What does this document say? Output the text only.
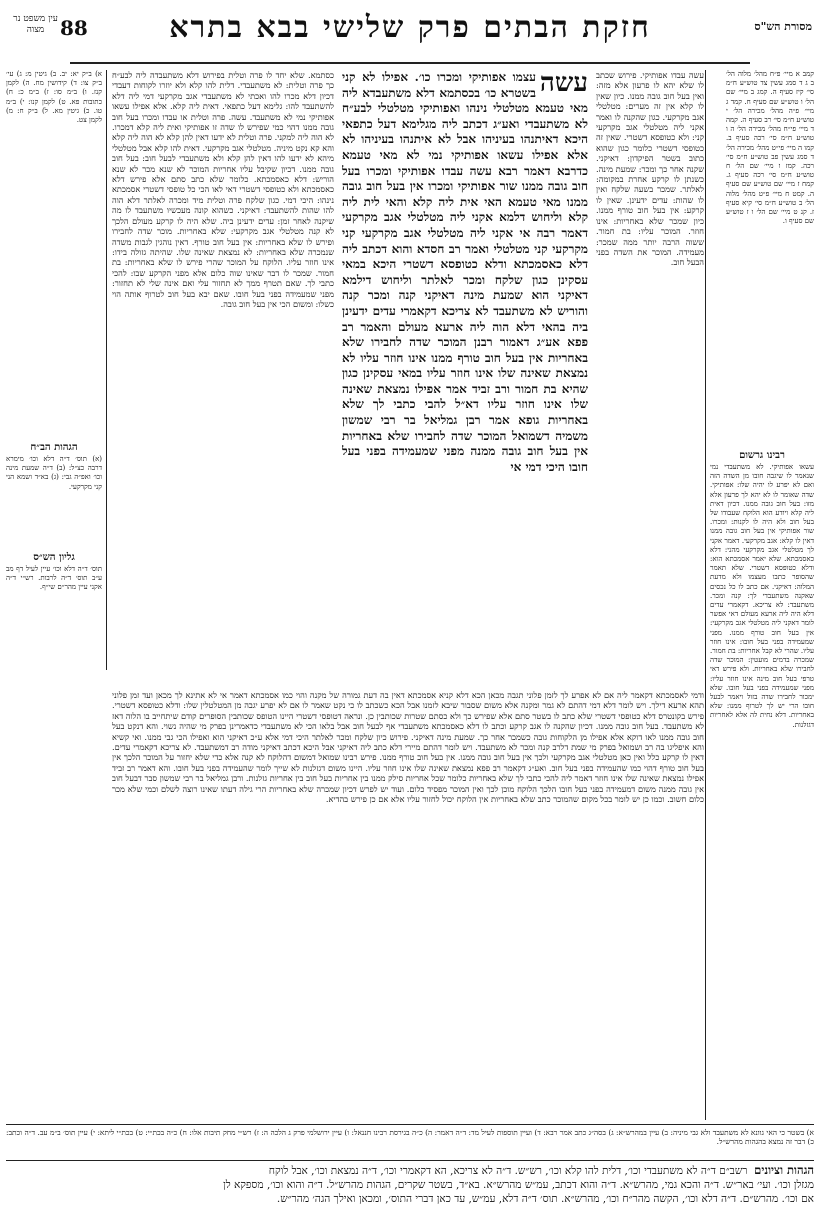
מסורת הש"ס
חזקת הבתים פרק שלישי בבא בתרא
88
עין משפט נר מצוה

קמב א מיי׳ פ״ח מהל׳ מלוה הל׳ ב ג ד סמג עשין צד טוש״ע ח״מ סי׳ קיז סעיף ה. קמג ב מיי׳ שם הל׳ ו טוש״ע שם סעיף ח. קמד ג מיי׳ פ״ה מהל׳ מכירה הל׳ י טוש״ע ח״מ סי׳ רב סעיף ה. קמה ד מיי׳ פי״ח מהל׳ מכירה הל׳ ה ו טוש״ע ח״מ סי׳ רכה סעיף ב. קמו ה מיי׳ פי״ט מהל׳ מכירה הל׳ ד סמג עשין פב טוש״ע ח״מ סי׳ רכה. קמז ו מיי׳ שם הל׳ ח טוש״ע ח״מ סי׳ רכה סעיף ג. קמח ז מיי׳ שם טוש״ע שם סעיף ה. קמט ח מיי׳ פ״ט מהל׳ מלוה הל׳ ב טוש״ע ח״מ סי׳ קיא סעיף ז. קנ ט מיי׳ שם הל׳ ו ז טוש״ע שם סעיף ו.

רבינו גרשום

עשאו אפותיקי. לא משתעבדי נמי שנאמר לו שיגבה חובו מן השדה הזה ואם לא יפרע לו יהיה שלו: אפותיקי. שדה שאומר לו לא יהא לך פרעון אלא מזו: בעל חוב גובה ממנו. דכיון דאית ליה קלא ויודע הוא הלוקח שעבודו של בעל חוב ולא היה לו לקנות: ומכרו. שור אפותיקי אין בעל חוב גובה ממנו דאין לו קלא: אגב מקרקעי. דאמר אקני לך מטלטלי אגב מקרקעי מהני: דלא כאסמכתא. שלא יאמר אסמכתא הוא: ודלא כטופסא דשטרי. שלא תאמר שהסופר כתבו מעצמו ולא מדעת המלוה: דאיקני. אם כתב לו כל נכסים שאקנה משתעבדי לך: קנה ומכר. משתעבד: לא צריכא. דקאמרי עדים דלא היה ליה ארעא מעולם דאי אפשר לומר דאקני ליה מטלטלי אגב מקרקעי: אין בעל חוב טורף ממנו. מפני שמעמידה בפני בעל חובו: אינו חוזר עליו. שהרי לא קבל אחריות: בת חמור. שמכרה בדמים מועטין: המוכר שדה לחבירו שלא באחריות. ולא פירש דאי טרפי בעל חוב מינה אינו חוזר עליו: מפני שמעמידה בפני בעל חובו. שלא ימכור לחבירו שדה בזול ויאמר לבעל חובו הרי יש לך לטרוף ממנו: שלא באחריות. דלא נחית לה אלא לאחריות דגזלנות.

א) ב״ק יא: יב. ב) גיטין מ: ג) עי׳ ב״ק צו: ד) קידושין מח. ה) לקמן קנז. ו) ב״מ סו: ז) ב״מ כ: ח) כתובות פא. ט) לקמן קנו: י) ב״מ טו. כ) גיטין מא. ל) ב״ק ח: מ) לקמן צט.

הגהות הב״ח

(א) תוס׳ ד״ה דלא וכו׳ מימרא דרבה כצ״ל: (ב) ד״ה שמעת מינה וכו׳ ואפ״ה גבי: (ג) בא״ד ושמא הני קני מקרקעי.

גליון הש״ס

תוס׳ ד״ה דלא וכו׳ עיין לעיל דף מב ע״ב תוס׳ ד״ה לרבות. רש״י ד״ה אקני עיין מהר״ם שי״ף.

כסתמא. שלא יחד לו פרה וטלית בפירוש דלא משתעבדה ליה לבע״ח כך פרה וטלית: לא משתעבדי. דלית להו קלא ולא יוזרו לקוחות דעבדי דכיון דלא מכרו להו ואכתי לא משתעבדי אגב מקרקעי דמי ליה דלא להשתעבד להו: גלימא דעל כתפאי. דאית ליה קלא. אלא אפילו עשאו אפותיקי נמי לא משתעבד. עשה. פרה וטלית או עבדו ומכרו בעל חוב גובה ממנו דהוי כמי שפירש לו שדה זו אפותיקי ואית ליה קלא דמכרו. לא הוה ליה למקני. פרה וטלית לא ידעו דאין להן קלא לא הוה ליה קלא והא קא נקט מיניה. מטלטלי אגב מקרקעי. דאית להו קלא אבל מטלטלי מיהא לא ידעו להו דאין להן קלא ולא משתעבדי לבעל חוב: בעל חוב גובה ממנו. דכיון שקיבל עליו אחריות המוכר לא שנא מכר לא שנא הוריש: דלא כאסמכתא. כלומר שלא כתב סתם אלא פירש דלא כאסמכתא ולא כטופסי דשטרי דאי לאו הכי כל טופסי דשטרי אסמכתא נינהו: היכי דמי. כגון שלקח פרה וטלית מיד ומכרה לאלתר דלא הוה להו שהות להשתעבד: דאיקני. כשהוא קונה מעכשיו משתעבד לו מה שיקנה לאחר זמן: עדים ידעינן ביה. שלא היה לו קרקע מעולם הלכך לא קנה מטלטלי אגב מקרקעי: שלא באחריות. מוכר שדה לחבירו ופירש לו שלא באחריות: אין בעל חוב טורף. דאין נוהגין לגבות משדה שנמכרה שלא באחריות: לא נמצאת שאינה שלו. שהיתה גזולה בידו: אינו חוזר עליו. הלוקח על המוכר שהרי פירש לו שלא באחריות: בת חמור. שמכר לו דבר שאינו שוה כלום אלא מפני הקרקע שבו: להכי כתבי לך. שאם תטרף ממך לא תחזור עלי ואם אינה שלי לא תחזור: מפני שמעמידה בפני בעל חובו. שאם יבא בעל חוב לטרוף אותה הוי כשלו: ומשום הכי אין בעל חוב גובה.

עשה
עצמו אפותיקי ומכרו כו׳. אפילו לא קני בשטרא כו׳ בכסתמא דלא משתעבדא ליה מאי טעמא מטלטלי נינהו ואפותיקי מטלטלי לבע״ח לא משתעבדי ואע״ג דכתב ליה מגלימא דעל כתפאי היכא דאיתנהו בעיניהו אבל לא איתנהו בעיניהו לא אלא אפילו עשאו אפותיקי נמי לא מאי טעמא כדרבא דאמר רבא עשה עבדו אפותיקי ומכרו בעל חוב גובה ממנו שור אפותיקי ומכרו אין בעל חוב גובה ממנו מאי טעמא האי אית ליה קלא והאי לית ליה קלא וליחוש דלמא אקני ליה מטלטלי אגב מקרקעי דאמר רבה אי אקני ליה מטלטלי אגב מקרקעי קני מקרקעי קני מטלטלי ואמר רב חסדא והוא דכתב ליה דלא כאסמכתא ודלא כטופסא דשטרי היכא במאי עסקינן כגון שלקח ומכר לאלתר וליחוש דילמא דאיקני הוא שמעת מינה דאיקני קנה ומכר קנה והוריש לא משתעבד לא צריכא דקאמרי עדים ידעינן ביה בהאי דלא הוה ליה ארעא מעולם והאמר רב פפא אע״ג דאמור רבנן המוכר שדה לחבירו שלא באחריות אין בעל חוב טורף ממנו אינו חוזר עליו לא נמצאת שאינה שלו אינו חוזר עליו במאי עסקינן כגון שהיא בת חמור ורב זביד אמר אפילו נמצאת שאינה שלו אינו חוזר עליו דא״ל להבי כתבי לך שלא באחריות גופא אמר רבן גמליאל בר רבי שמשון משמיה דשמואל המוכר שדה לחבירו שלא באחריות אין בעל חוב גובה ממנה מפני שמעמידה בפני בעל חובו היכי דמי אי

עשה עבדו אפותיקי. פירוש שכתב לו שלא יהא לו פרעון אלא מזה: ואין בעל חוב גובה ממנו. כיון שאין לו קלא אין זה מערים: מטלטלי אגב מקרקעי. כגון שהקנה לו ואמר אקני ליה מטלטלי אגב מקרקעי קני: ולא כטופסא דשטרי. שאין זה כטופסי דשטרי כלומר כגון שהוא כתוב בשטר הפיקדון: דאיקני. שקנה אחר כך ומכר: שמעת מינה. כשנתן לו קרקע אחרת במקומה: לאלתר. שמכר בשעה שלקח ואין לו שהות: עדים ידעינן. שאין לו קרקע: אין בעל חוב טורף ממנו. כיון שמכר שלא באחריות: אינו חוזר. המוכר עליו: בת חמור. ששוה הרבה יותר ממה שמכר: מעמידה. המוכר את השדה בפני הבעל חוב.

ודמי לאסמכתא דקאמר ליה אם לא אפרע לך לזמן פלוני תגבה מכאן הכא דלא קניא אסמכתא דאין בה דעת גמורה של מקנה והוי כמו אסמכתא דאמר אי לא אתינא לך מכאן ועד זמן פלוני תהא ארעא דילך. ויש לומר דלא דמי דהתם לא גמר ומקנה אלא משום שסבור שיבא לזמנו אבל הכא כשכתב לו כי נקט שאמר לו אם לא יפרע יגבה מן המטלטלין שלו: ודלא כטופסא דשטרי. פירש בקונטרס דלא כטופסי דשטרי שלא כתב לו בשטר סתם אלא שפירש כך ולא כסתם שטרות שכותבין כן. ונראה דטופסי דשטרי היינו הטופס שכותבין הסופרים קודם שיתחייב בו הלוה דאז לא משתעבד. בעל חוב גובה ממנו. דכיון שהקנה לו אגב קרקע וכתב לו דלא כאסמכתא משתעבדי אף לבעל חוב אבל בלאו הכי לא משתעבדי כדאמרינן בפרק מי שהיה נשוי. והא דנקט בעל חוב גובה ממנו לאו דוקא אלא אפילו מן הלקוחות גובה כשמכר אחר כך. שמעת מינה דאיקני. פירוש כיון שלקח ומכר לאלתר היכי דמי אלא ע״כ דאיקני הוא ואפילו הכי גבי ממנו. ואי קשיא והא איפליגו בה רב ושמואל בפרק מי שמת דלרב קנה ומכר לא משתעבד. ויש לומר דהתם מיירי דלא כתב ליה דאיקני אבל היכא דכתב דאיקני מודה רב דמשתעבד. לא צריכא דקאמרי עדים. דאין לו קרקע כלל ואין כאן מטלטלי אגב מקרקעי ולכך אין בעל חוב גובה ממנו. אין בעל חוב טורף ממנו. פירש רבינו שמואל דמשום דהלוקח לא קנה אלא כדי שלא יחזור על המוכר הלכך אין בעל חוב טורף דהוי כמו שהעמידה בפני בעל חוב. ואע״ג דקאמר רב פפא נמצאת שאינה שלו אינו חוזר עליו. היינו משום דגזלנות לא שייך לומר שהעמידה בפני בעל חובו. והא דאמר רב זביד אפילו נמצאת שאינה שלו אינו חוזר דאמר ליה להכי כתבי לך שלא באחריות כלומר שכל אחריות סילק ממנו בין אחריות בעל חוב בין אחריות גזלנות. ורבן גמליאל בר רבי שמשון סבר דבעל חוב אין גובה ממנה משום דמעמידה בפני בעל חובו הלכך הלוקח מוכן לכך ואין המוכר מפסיד כלום. ועוד יש לפרש דכיון שמכרה שלא באחריות הרי גילה דעתו שאינו רוצה לשלם וכמי שלא מכר כלום חשוב. וכמו כן יש לומר בכל מקום שהמוכר כתב שלא באחריות אין הלוקח יכול לחזור עליו אלא אם כן פירש בהדיא.

א) בשטר כי האי גוונא לא משתעבד ולא גבי מיניה: ב) עיין במהרש״א: ג) בסה״ג כתב אמר רבא: ד) ועיין תוספות לעיל מד: ד״ה דאמר: ה) כ״ה בגירסת רבינו חננאל: ו) עיין ירושלמי פרק ג הלכה ה: ז) רש״י מחק תיבות אלו: ח) כ״ה בכת״י: ט) בכת״י ליתא: י) עיין תוס׳ ב״מ עב. ד״ה וכתב: כ) דבר זה נמצא בהגהות מהרש״ל.
הגהות וציונים  רשב״ם ד״ה לא משתעבדי וכו׳, דלית להו קלא וכו׳, רש״ש. ד״ה לא צריכא, הא דקאמרי וכו׳, ד״ה נמצאת וכו׳, אבל לוקח
מגזלן וכו׳. ועי׳ באר״ש. ד״ה והכא גמי, מהרש״א. ד״ה והוא דכתב, עמ״ש מהרש״א. בא״ד, בשטר שקרים, הגהות מהרש״ל. ד״ה והוא וכו׳, מספקא לן
אם וכו׳. מהרש״ם. ד״ה דלא וכו׳, הקשה מהר״ח וכו׳, מהרש״א. תוס׳ ד״ה דלא, עמ״ש, עד כאן דברי התוס׳, ומכאן ואילך הגה׳ מהר״ש.
